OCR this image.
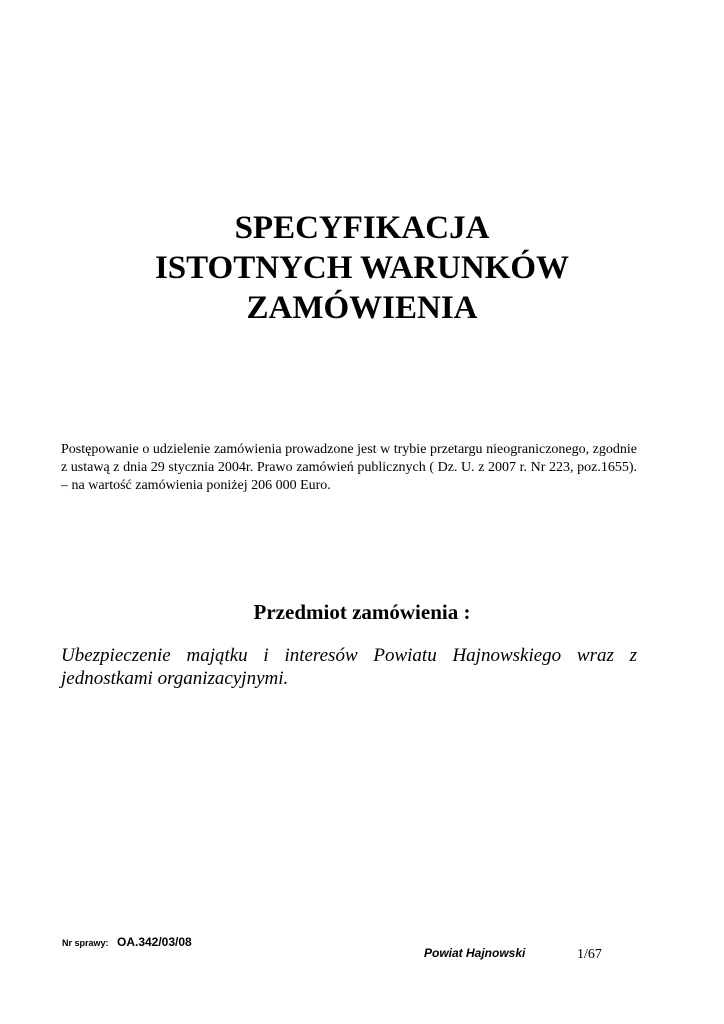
SPECYFIKACJA
ISTOTNYCH WARUNKÓW
ZAMÓWIENIA

Postępowanie o udzielenie zamówienia prowadzone jest w trybie przetargu nieograniczonego, zgodnie z ustawą z dnia 29 stycznia 2004r. Prawo zamówień publicznych ( Dz. U. z 2007 r. Nr 223, poz.1655). – na wartość zamówienia poniżej 206 000 Euro.

Przedmiot zamówienia :

Ubezpieczenie majątku i interesów Powiatu Hajnowskiego wraz z jednostkami organizacyjnymi.

Nr sprawy: OA.342/03/08
Powiat Hajnowski	1/67
